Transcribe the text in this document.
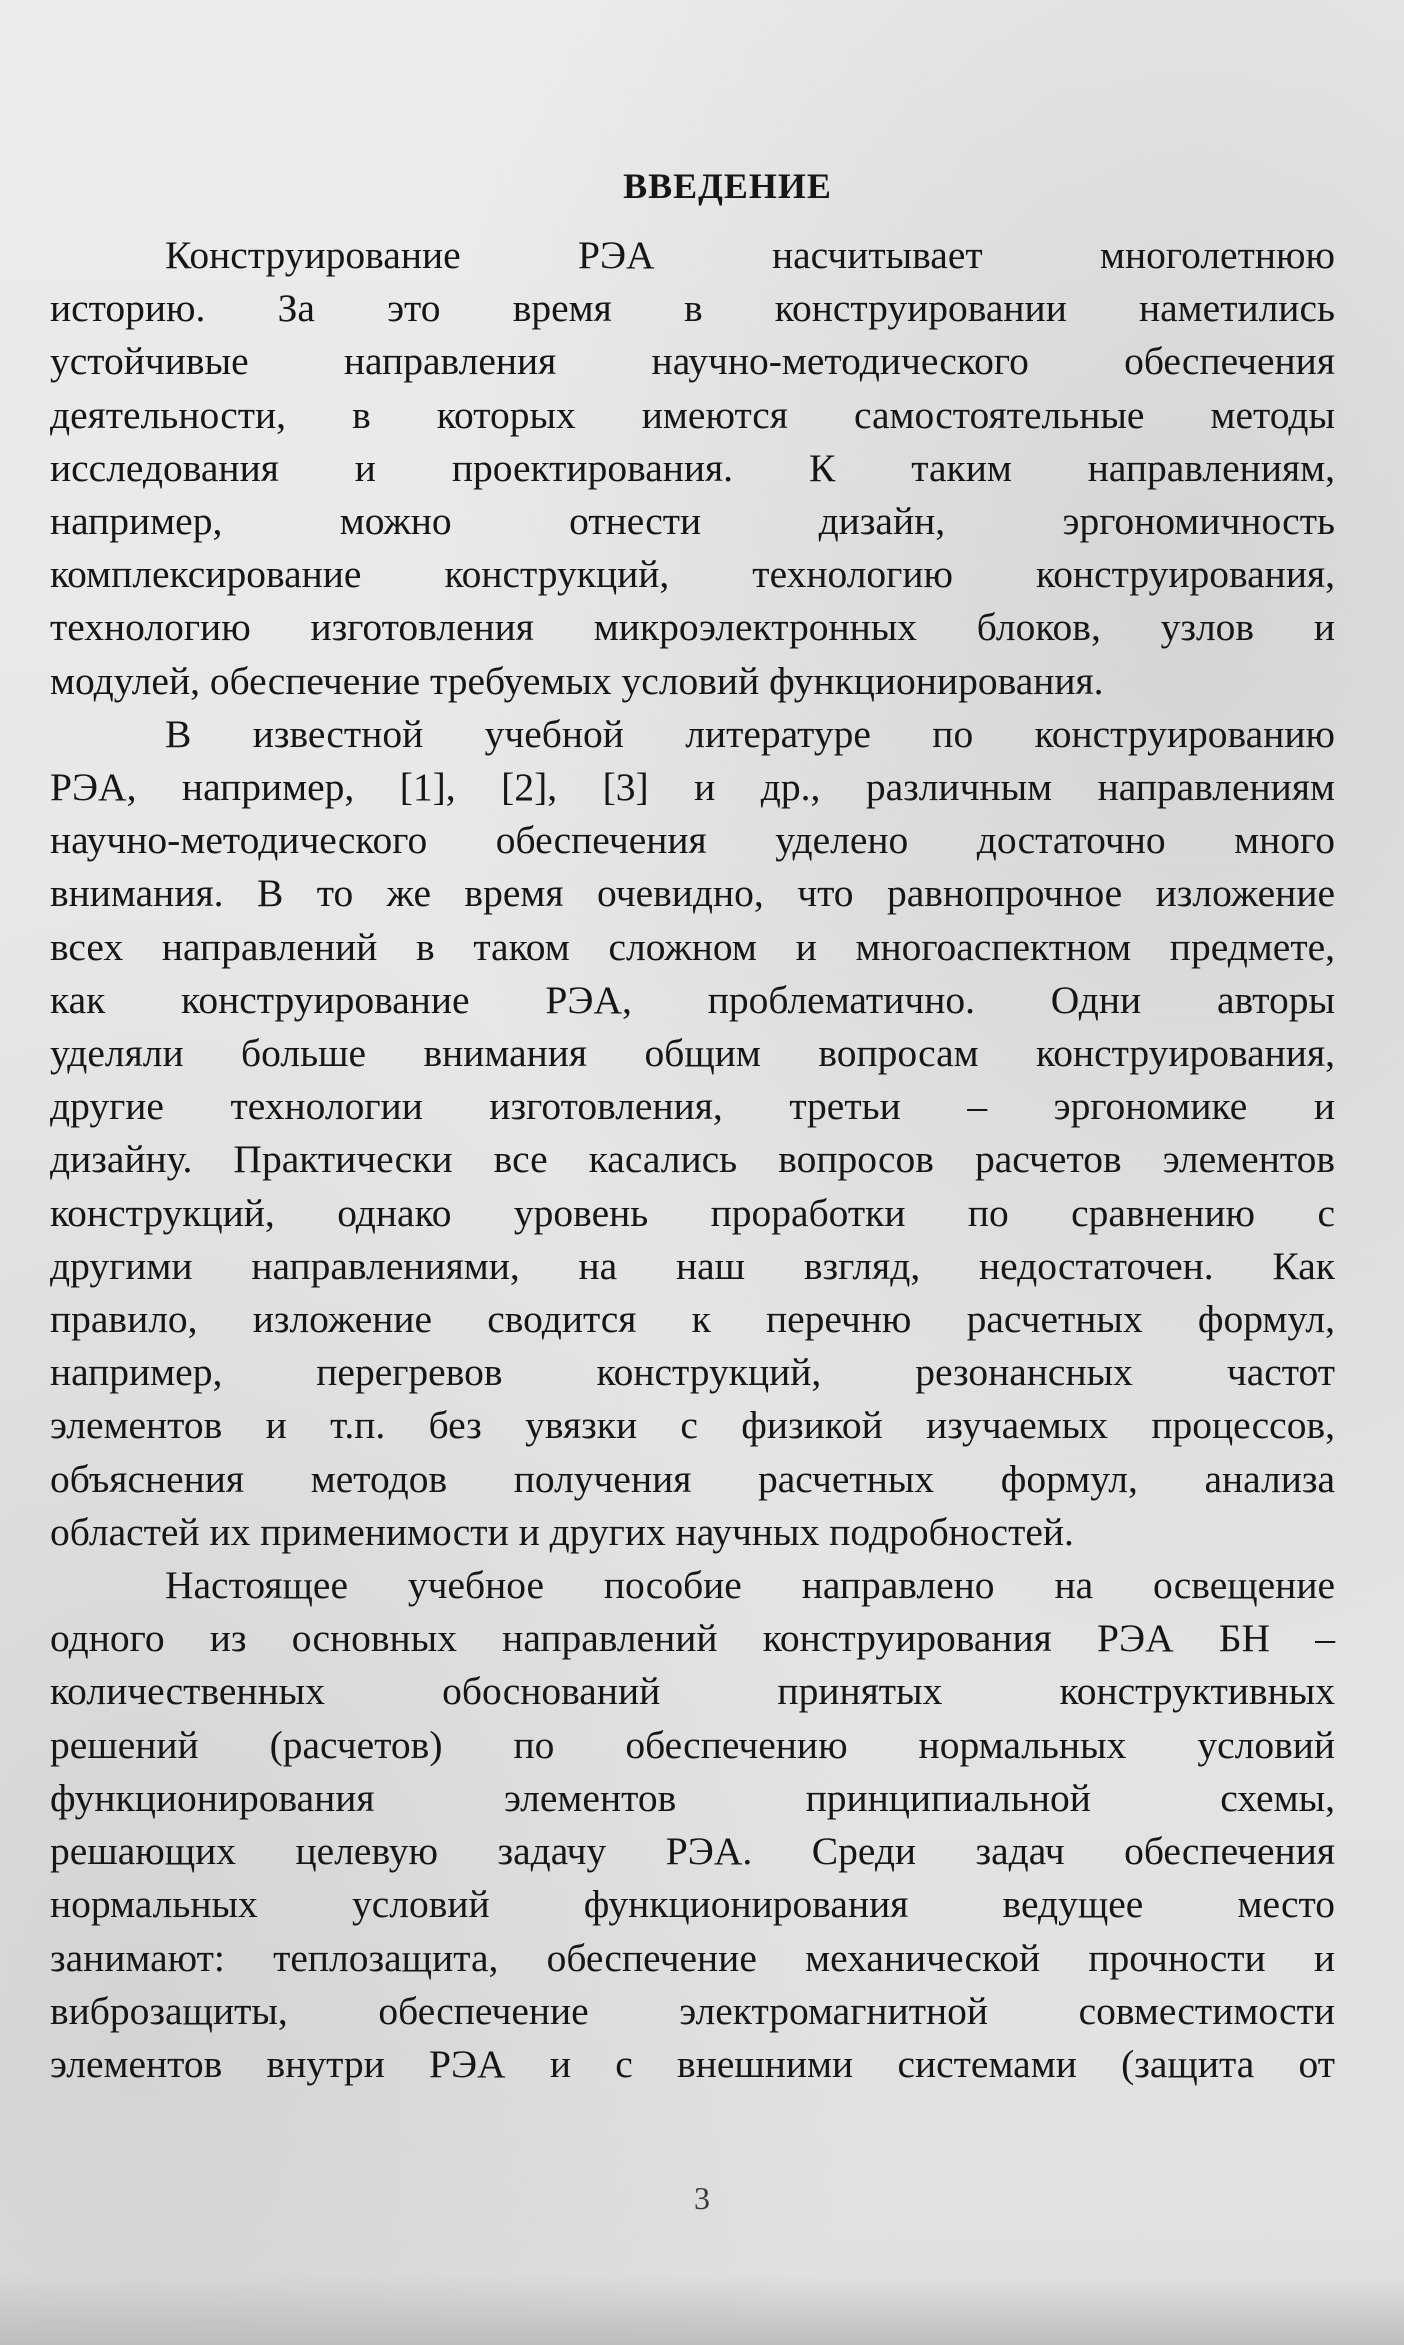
ВВЕДЕНИЕ

Конструирование РЭА насчитывает многолетнюю
историю. За это время в конструировании наметились
устойчивые направления научно-методического обеспечения
деятельности, в которых имеются самостоятельные методы
исследования и проектирования. К таким направлениям,
например, можно отнести дизайн, эргономичность
комплексирование конструкций, технологию конструирования,
технологию изготовления микроэлектронных блоков, узлов и
модулей, обеспечение требуемых условий функционирования.

В известной учебной литературе по конструированию
РЭА, например, [1], [2], [3] и др., различным направлениям
научно-методического обеспечения уделено достаточно много
внимания. В то же время очевидно, что равнопрочное изложение
всех направлений в таком сложном и многоаспектном предмете,
как конструирование РЭА, проблематично. Одни авторы
уделяли больше внимания общим вопросам конструирования,
другие технологии изготовления, третьи – эргономике и
дизайну. Практически все касались вопросов расчетов элементов
конструкций, однако уровень проработки по сравнению с
другими направлениями, на наш взгляд, недостаточен. Как
правило, изложение сводится к перечню расчетных формул,
например, перегревов конструкций, резонансных частот
элементов и т.п. без увязки с физикой изучаемых процессов,
объяснения методов получения расчетных формул, анализа
областей их применимости и других научных подробностей.

Настоящее учебное пособие направлено на освещение
одного из основных направлений конструирования РЭА БН –
количественных обоснований принятых конструктивных
решений (расчетов) по обеспечению нормальных условий
функционирования элементов принципиальной схемы,
решающих целевую задачу РЭА. Среди задач обеспечения
нормальных условий функционирования ведущее место
занимают: теплозащита, обеспечение механической прочности и
виброзащиты, обеспечение электромагнитной совместимости
элементов внутри РЭА и с внешними системами (защита от

3
